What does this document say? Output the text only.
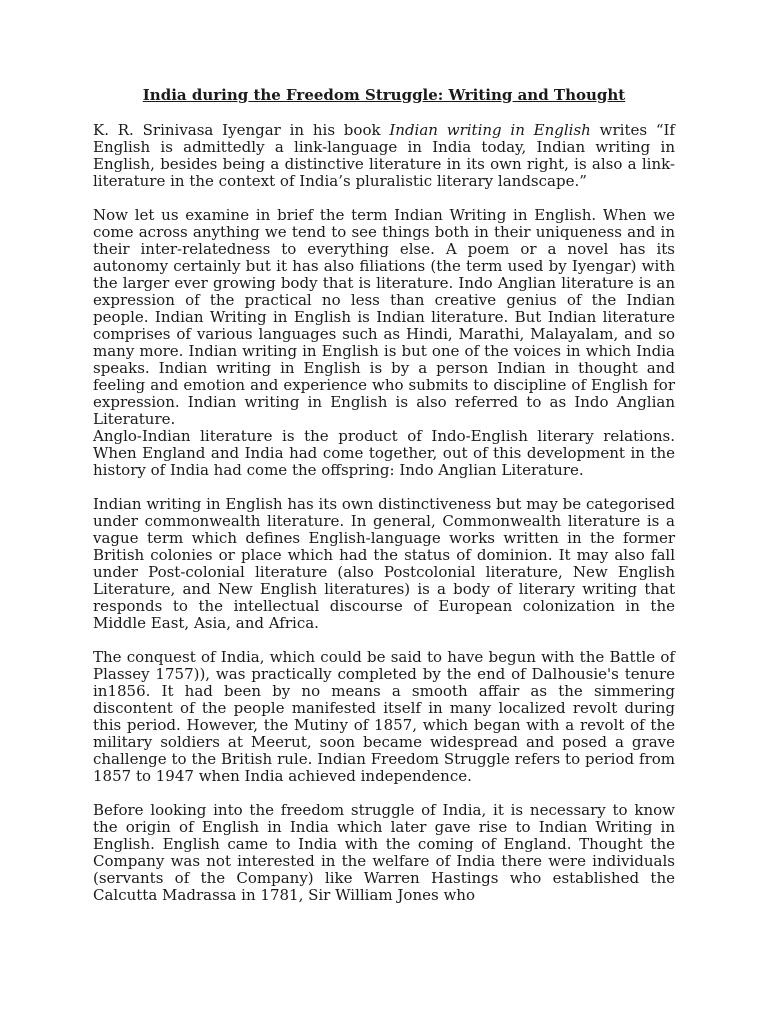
India during the Freedom Struggle: Writing and Thought

K. R. Srinivasa Iyengar in his book Indian writing in English writes “If English is admittedly a link-language in India today, Indian writing in English, besides being a distinctive literature in its own right, is also a link-literature in the context of India’s pluralistic literary landscape.”

Now let us examine in brief the term Indian Writing in English. When we come across anything we tend to see things both in their uniqueness and in their inter-relatedness to everything else. A poem or a novel has its autonomy certainly but it has also filiations (the term used by Iyengar) with the larger ever growing body that is literature. Indo Anglian literature is an expression of the practical no less than creative genius of the Indian people. Indian Writing in English is Indian literature. But Indian literature comprises of various languages such as Hindi, Marathi, Malayalam, and so many more. Indian writing in English is but one of the voices in which India speaks. Indian writing in English is by a person Indian in thought and feeling and emotion and experience who submits to discipline of English for expression. Indian writing in English is also referred to as Indo Anglian Literature.

Anglo-Indian literature is the product of Indo-English literary relations. When England and India had come together, out of this development in the history of India had come the offspring: Indo Anglian Literature.

Indian writing in English has its own distinctiveness but may be categorised under commonwealth literature. In general, Commonwealth literature is a vague term which defines English-language works written in the former British colonies or place which had the status of dominion. It may also fall under Post-colonial literature (also Postcolonial literature, New English Literature, and New English literatures) is a body of literary writing that responds to the intellectual discourse of European colonization in the Middle East, Asia, and Africa.

The conquest of India, which could be said to have begun with the Battle of Plassey 1757)), was practically completed by the end of Dalhousie's tenure in1856. It had been by no means a smooth affair as the simmering discontent of the people manifested itself in many localized revolt during this period. However, the Mutiny of 1857, which began with a revolt of the military soldiers at Meerut, soon became widespread and posed a grave challenge to the British rule. Indian Freedom Struggle refers to period from 1857 to 1947 when India achieved independence.

Before looking into the freedom struggle of India, it is necessary to know the origin of English in India which later gave rise to Indian Writing in English. English came to India with the coming of England. Thought the Company was not interested in the welfare of India there were individuals (servants of the Company) like Warren Hastings who established the Calcutta Madrassa in 1781, Sir William Jones who
